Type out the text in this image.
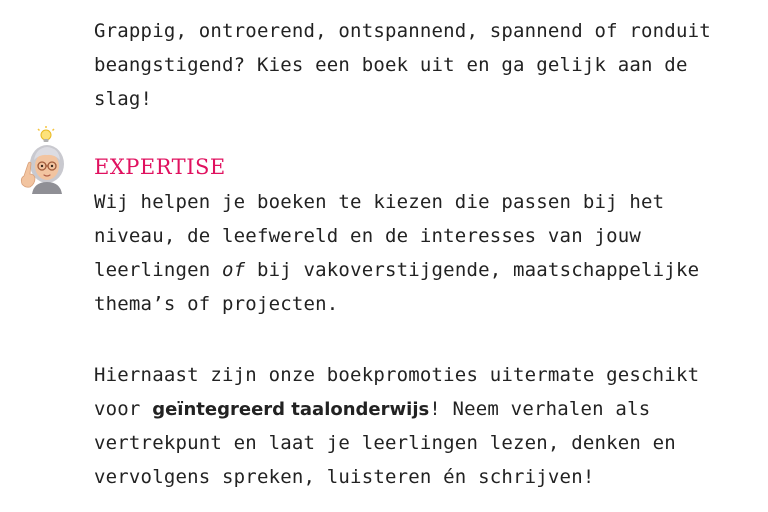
Grappig, ontroerend, ontspannend, spannend of ronduit
beangstigend? Kies een boek uit en ga gelijk aan de
slag!
EXPERTISE
Wij helpen je boeken te kiezen die passen bij het
niveau, de leefwereld en de interesses van jouw
leerlingen of bij vakoverstijgende, maatschappelijke
thema’s of projecten.
Hiernaast zijn onze boekpromoties uitermate geschikt
voor geïntegreerd taalonderwijs! Neem verhalen als
vertrekpunt en laat je leerlingen lezen, denken en
vervolgens spreken, luisteren én schrijven!
